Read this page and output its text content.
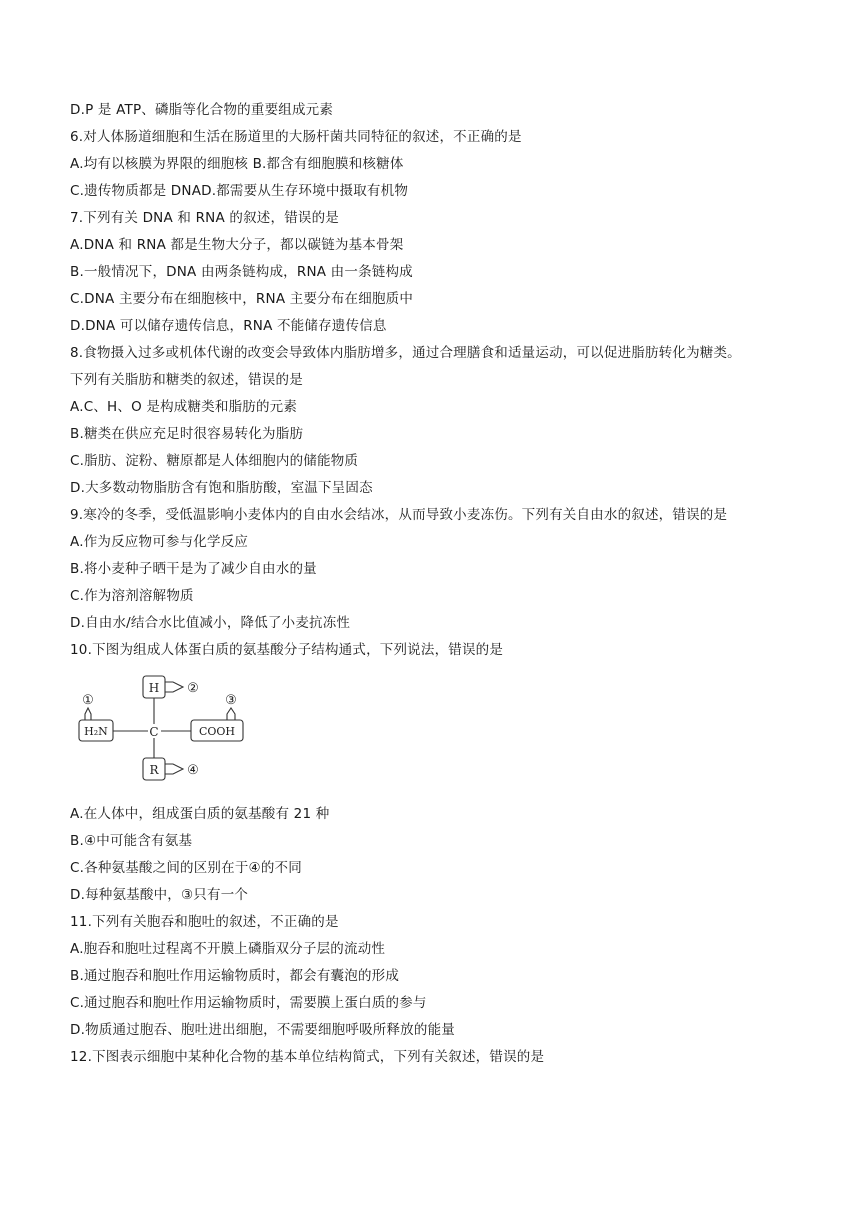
D.P 是 ATP、磷脂等化合物的重要组成元素
6.对人体肠道细胞和生活在肠道里的大肠杆菌共同特征的叙述，不正确的是
A.均有以核膜为界限的细胞核 B.都含有细胞膜和核糖体
C.遗传物质都是 DNAD.都需要从生存环境中摄取有机物
7.下列有关 DNA 和 RNA 的叙述，错误的是
A.DNA 和 RNA 都是生物大分子，都以碳链为基本骨架
B.一般情况下，DNA 由两条链构成，RNA 由一条链构成
C.DNA 主要分布在细胞核中，RNA 主要分布在细胞质中
D.DNA 可以储存遗传信息，RNA 不能储存遗传信息
8.食物摄入过多或机体代谢的改变会导致体内脂肪增多，通过合理膳食和适量运动，可以促进脂肪转化为糖类。
下列有关脂肪和糖类的叙述，错误的是
A.C、H、O 是构成糖类和脂肪的元素
B.糖类在供应充足时很容易转化为脂肪
C.脂肪、淀粉、糖原都是人体细胞内的储能物质
D.大多数动物脂肪含有饱和脂肪酸，室温下呈固态
9.寒冷的冬季，受低温影响小麦体内的自由水会结冰，从而导致小麦冻伤。下列有关自由水的叙述，错误的是
A.作为反应物可参与化学反应
B.将小麦种子晒干是为了减少自由水的量
C.作为溶剂溶解物质
D.自由水/结合水比值减小，降低了小麦抗冻性
10.下图为组成人体蛋白质的氨基酸分子结构通式，下列说法，错误的是
H
C
R
H₂N	COOH
①
②
③
④
A.在人体中，组成蛋白质的氨基酸有 21 种
B.④中可能含有氨基
C.各种氨基酸之间的区别在于④的不同
D.每种氨基酸中，③只有一个
11.下列有关胞吞和胞吐的叙述，不正确的是
A.胞吞和胞吐过程离不开膜上磷脂双分子层的流动性
B.通过胞吞和胞吐作用运输物质时，都会有囊泡的形成
C.通过胞吞和胞吐作用运输物质时，需要膜上蛋白质的参与
D.物质通过胞吞、胞吐进出细胞，不需要细胞呼吸所释放的能量
12.下图表示细胞中某种化合物的基本单位结构简式，下列有关叙述，错误的是
